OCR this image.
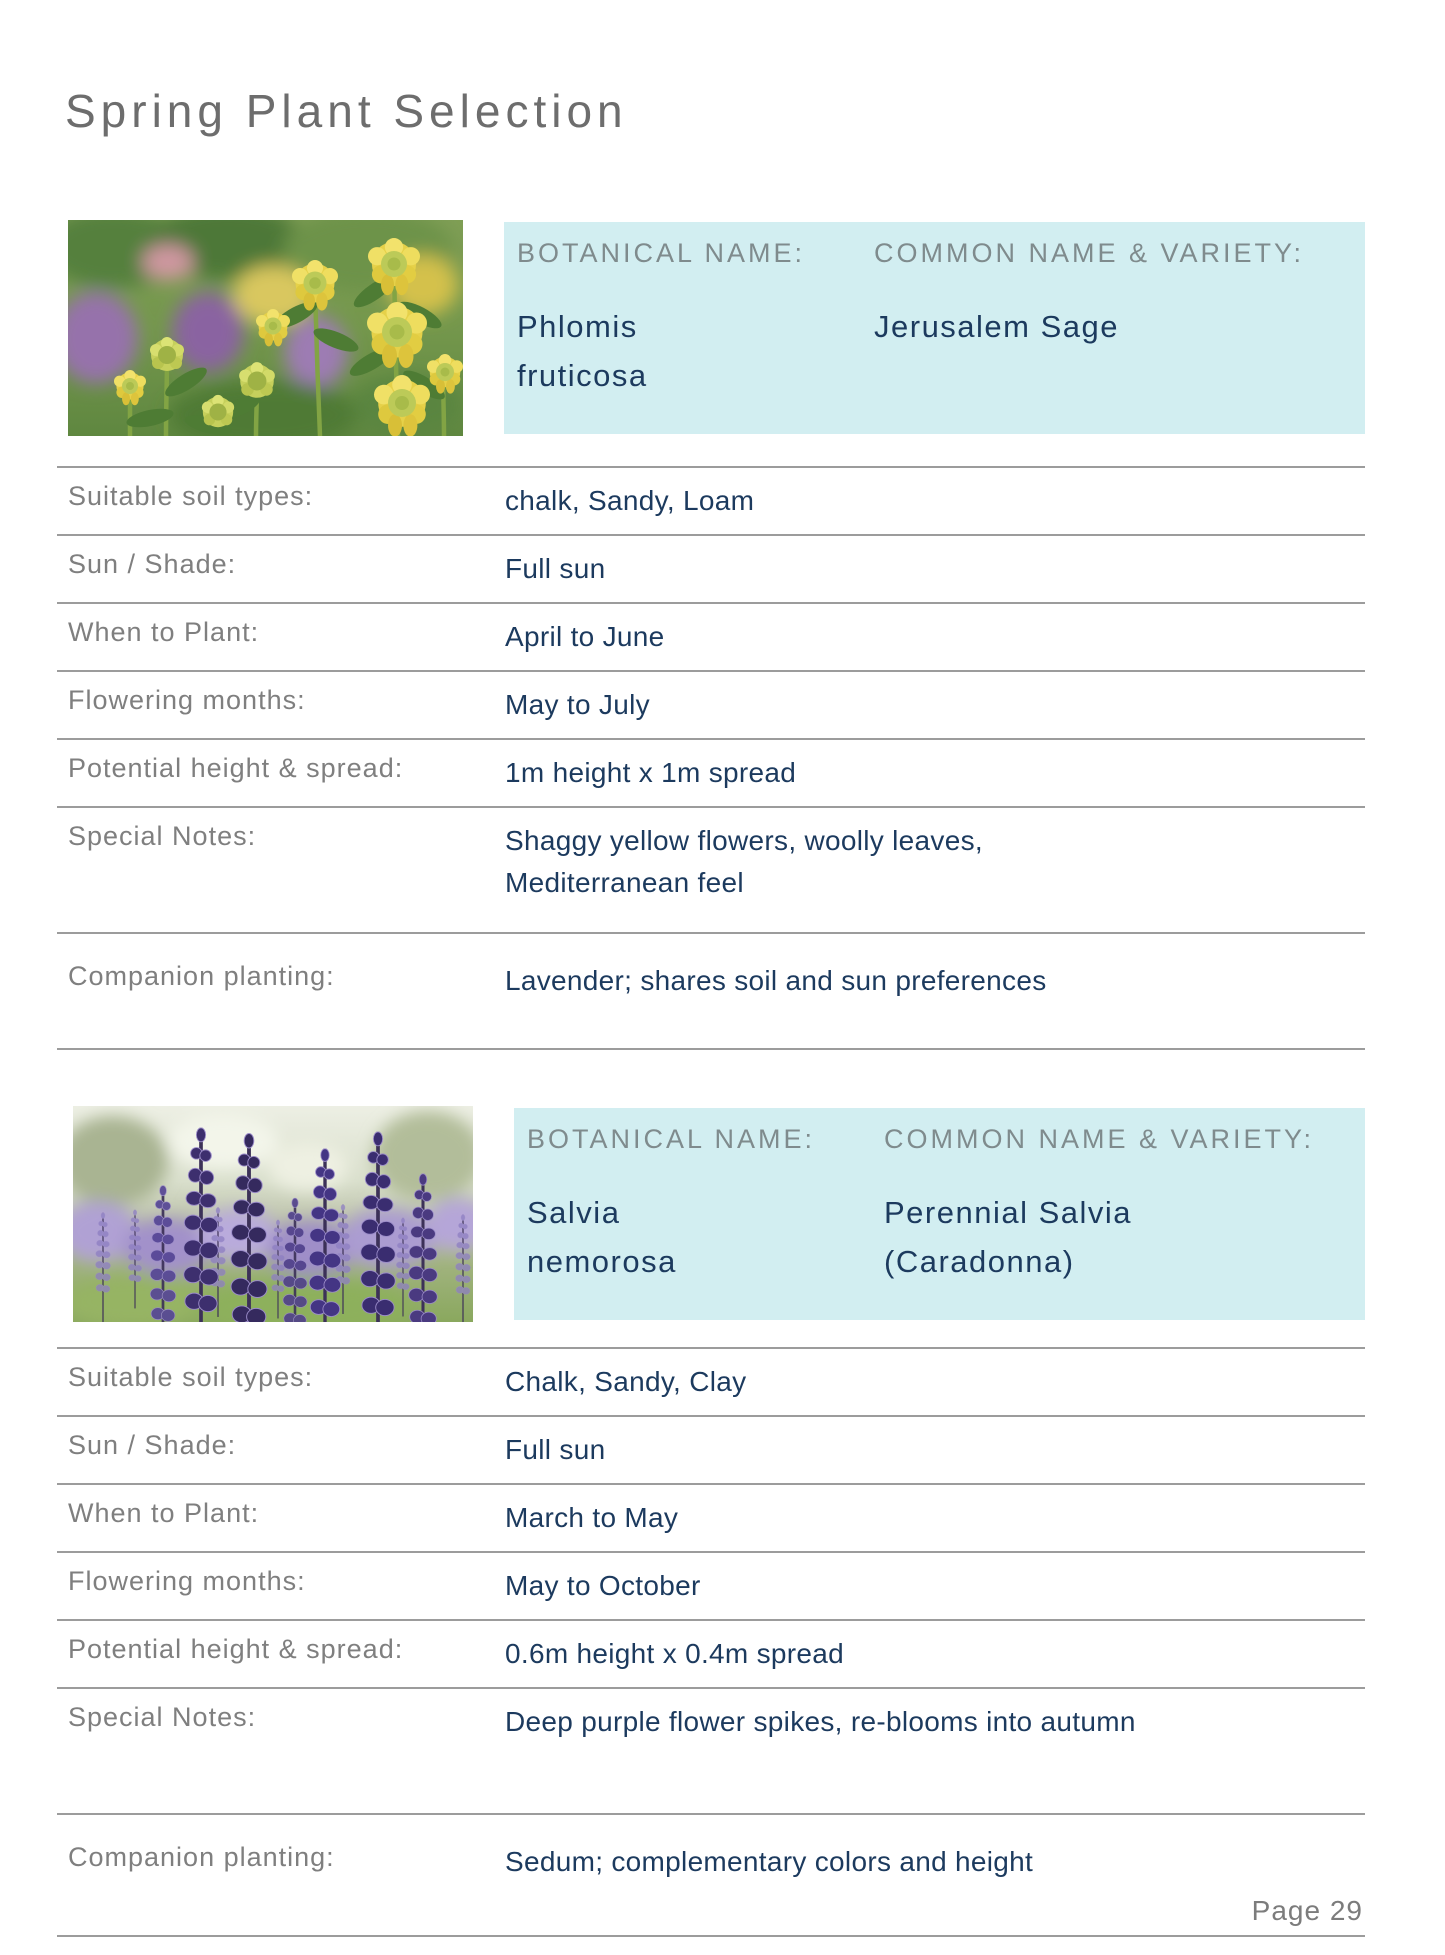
Spring Plant Selection
BOTANICAL NAME:
Phlomis fruticosa
COMMON NAME & VARIETY:
Jerusalem Sage
Suitable soil types:	chalk, Sandy, Loam
Sun / Shade:	Full sun
When to Plant:	April to June
Flowering months:	May to July
Potential height & spread:	1m height x 1m spread
Special Notes:	Shaggy yellow flowers, woolly leaves, Mediterranean feel
Companion planting:	Lavender; shares soil and sun preferences
BOTANICAL NAME:
Salvia nemorosa
COMMON NAME & VARIETY:
Perennial Salvia (Caradonna)
Suitable soil types:	Chalk, Sandy, Clay
Sun / Shade:	Full sun
When to Plant:	March to May
Flowering months:	May to October
Potential height & spread:	0.6m height x 0.4m spread
Special Notes:	Deep purple flower spikes, re-blooms into autumn
Companion planting:	Sedum; complementary colors and height
Page 29
